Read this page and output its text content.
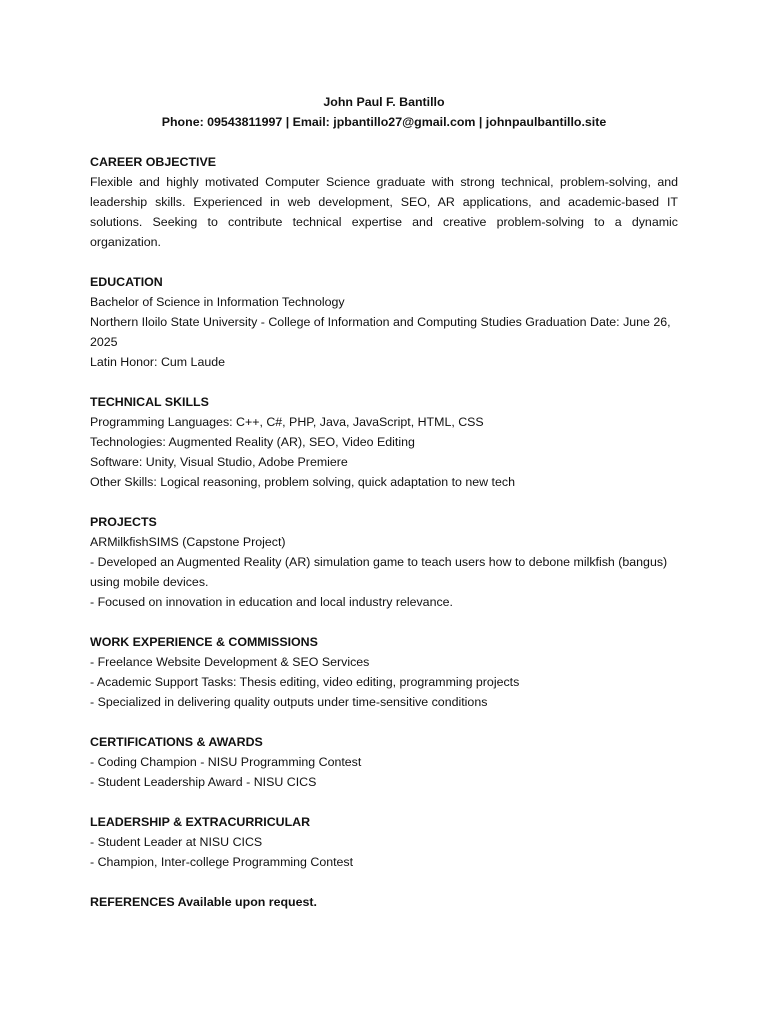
John Paul F. Bantillo
Phone: 09543811997 | Email: jpbantillo27@gmail.com | johnpaulbantillo.site
CAREER OBJECTIVE
Flexible and highly motivated Computer Science graduate with strong technical, problem-solving, and leadership skills. Experienced in web development, SEO, AR applications, and academic-based IT solutions. Seeking to contribute technical expertise and creative problem-solving to a dynamic organization.
EDUCATION
Bachelor of Science in Information Technology
Northern Iloilo State University - College of Information and Computing Studies Graduation Date: June 26, 2025
Latin Honor: Cum Laude
TECHNICAL SKILLS
Programming Languages: C++, C#, PHP, Java, JavaScript, HTML, CSS
Technologies: Augmented Reality (AR), SEO, Video Editing
Software: Unity, Visual Studio, Adobe Premiere
Other Skills: Logical reasoning, problem solving, quick adaptation to new tech
PROJECTS
ARMilkfishSIMS (Capstone Project)
- Developed an Augmented Reality (AR) simulation game to teach users how to debone milkfish (bangus) using mobile devices.
- Focused on innovation in education and local industry relevance.
WORK EXPERIENCE & COMMISSIONS
- Freelance Website Development & SEO Services
- Academic Support Tasks: Thesis editing, video editing, programming projects
- Specialized in delivering quality outputs under time-sensitive conditions
CERTIFICATIONS & AWARDS
- Coding Champion - NISU Programming Contest
- Student Leadership Award - NISU CICS
LEADERSHIP & EXTRACURRICULAR
- Student Leader at NISU CICS
- Champion, Inter-college Programming Contest
REFERENCES Available upon request.
